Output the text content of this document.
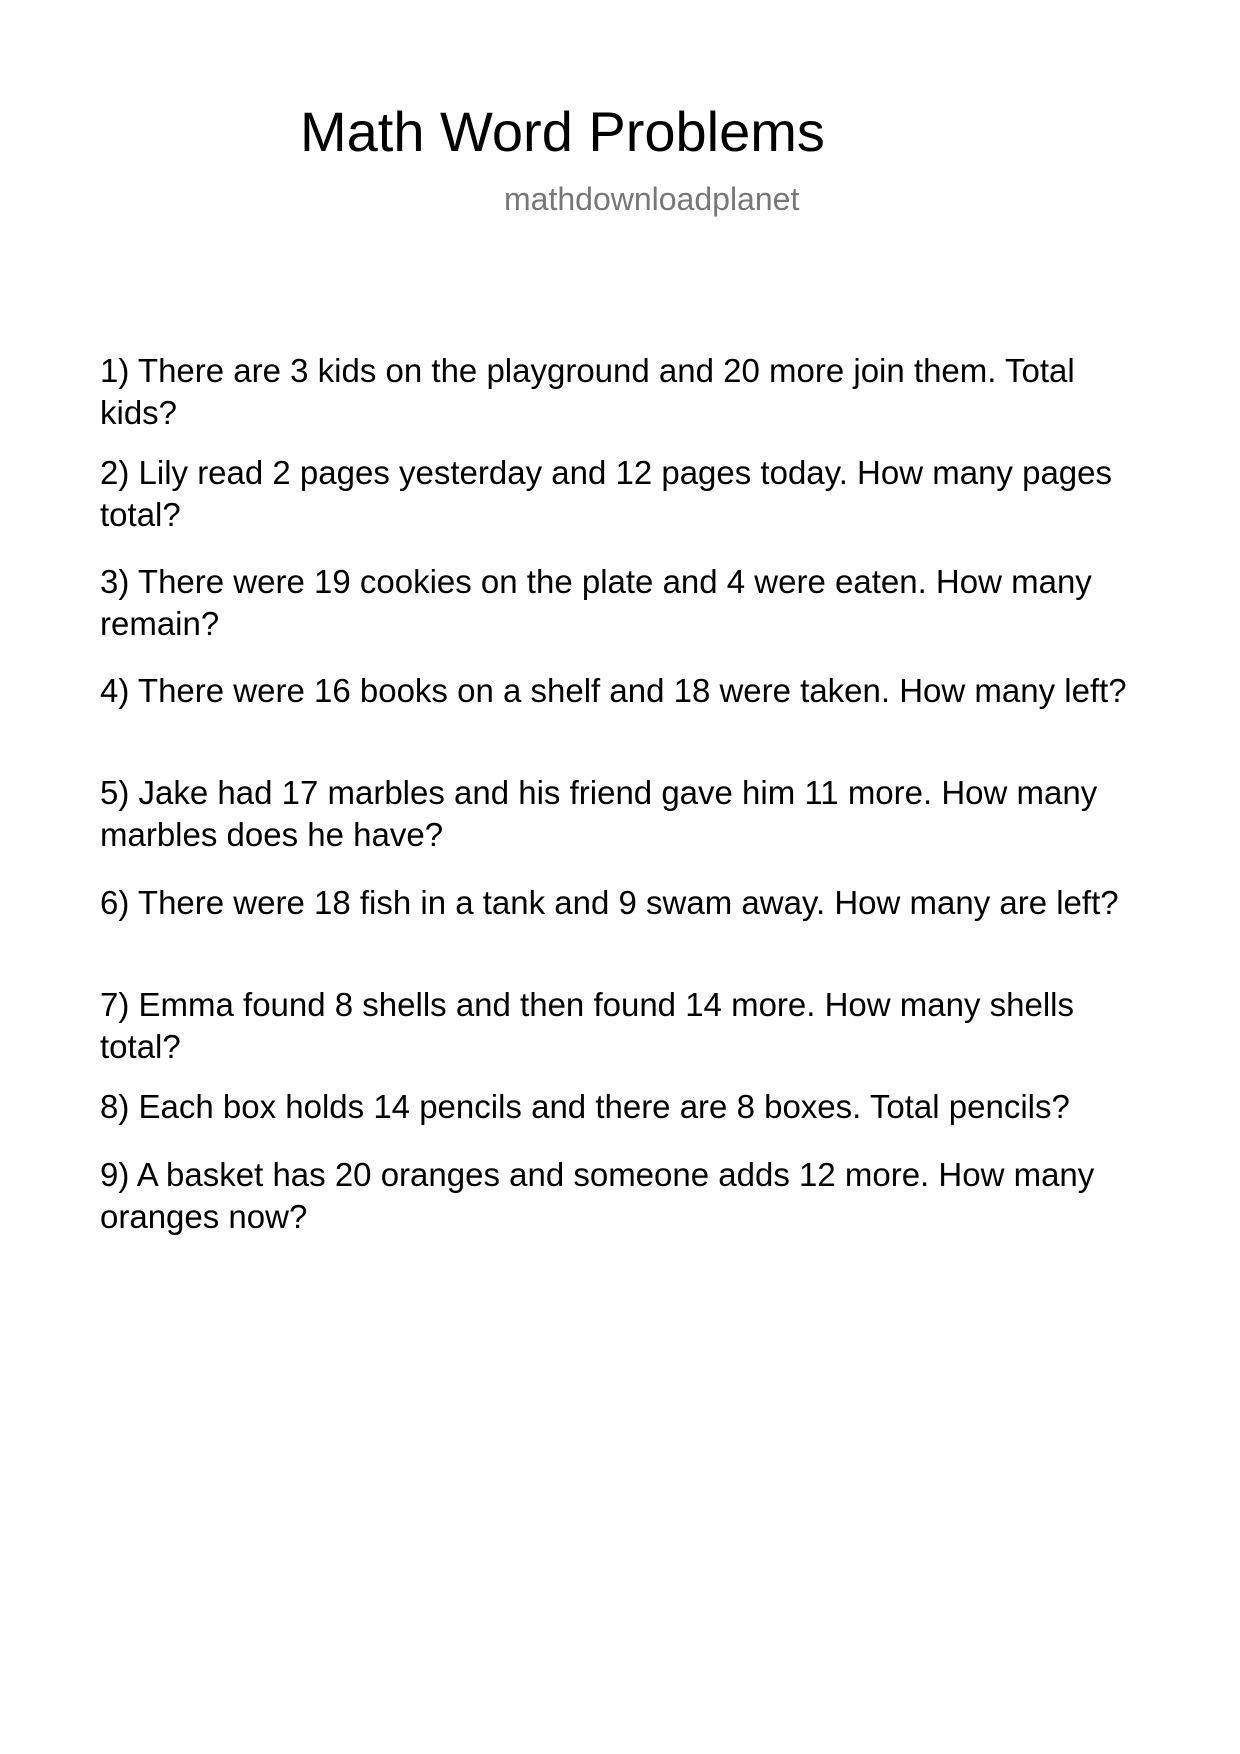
Math Word Problems
mathdownloadplanet

1) There are 3 kids on the playground and 20 more join them. Total kids?

2) Lily read 2 pages yesterday and 12 pages today. How many pages total?

3) There were 19 cookies on the plate and 4 were eaten. How many remain?

4) There were 16 books on a shelf and 18 were taken. How many left?

5) Jake had 17 marbles and his friend gave him 11 more. How many marbles does he have?

6) There were 18 fish in a tank and 9 swam away. How many are left?

7) Emma found 8 shells and then found 14 more. How many shells total?

8) Each box holds 14 pencils and there are 8 boxes. Total pencils?

9) A basket has 20 oranges and someone adds 12 more. How many oranges now?
